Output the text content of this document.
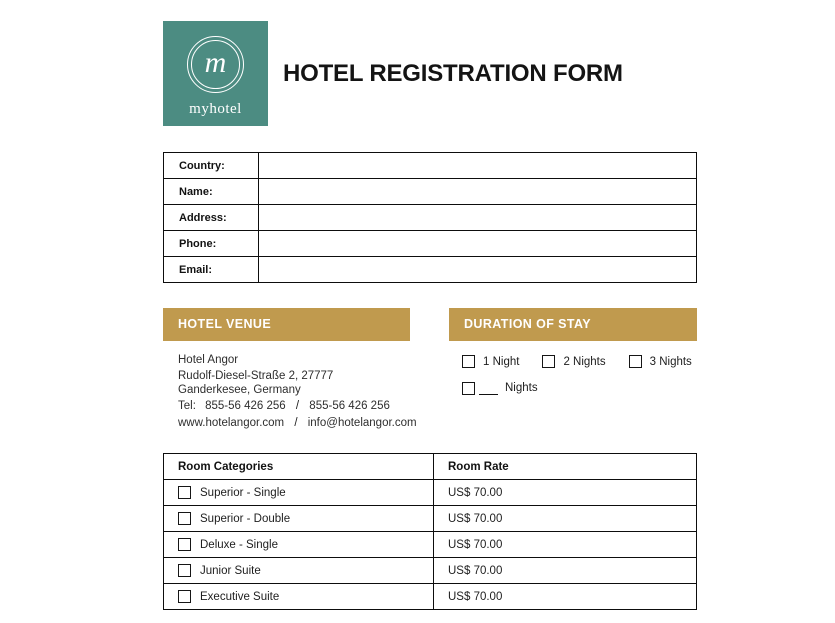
m
myhotel
HOTEL REGISTRATION FORM
Country:	
Name:	
Address:	
Phone:	
Email:	
HOTEL VENUE	DURATION OF STAY

Hotel Angor

Rudolf-Diesel-Straße 2, 27777
Ganderkesee, Germany

Tel: 855-56 426 256 / 855-56 426 256

www.hotelangor.com / info@hotelangor.com

1 Night	2 Nights	3 Nights
Nights
Room Categories	Room Rate

Superior - Single	US$ 70.00

Superior - Double	US$ 70.00

Deluxe - Single	US$ 70.00

Junior Suite	US$ 70.00

Executive Suite	US$ 70.00
